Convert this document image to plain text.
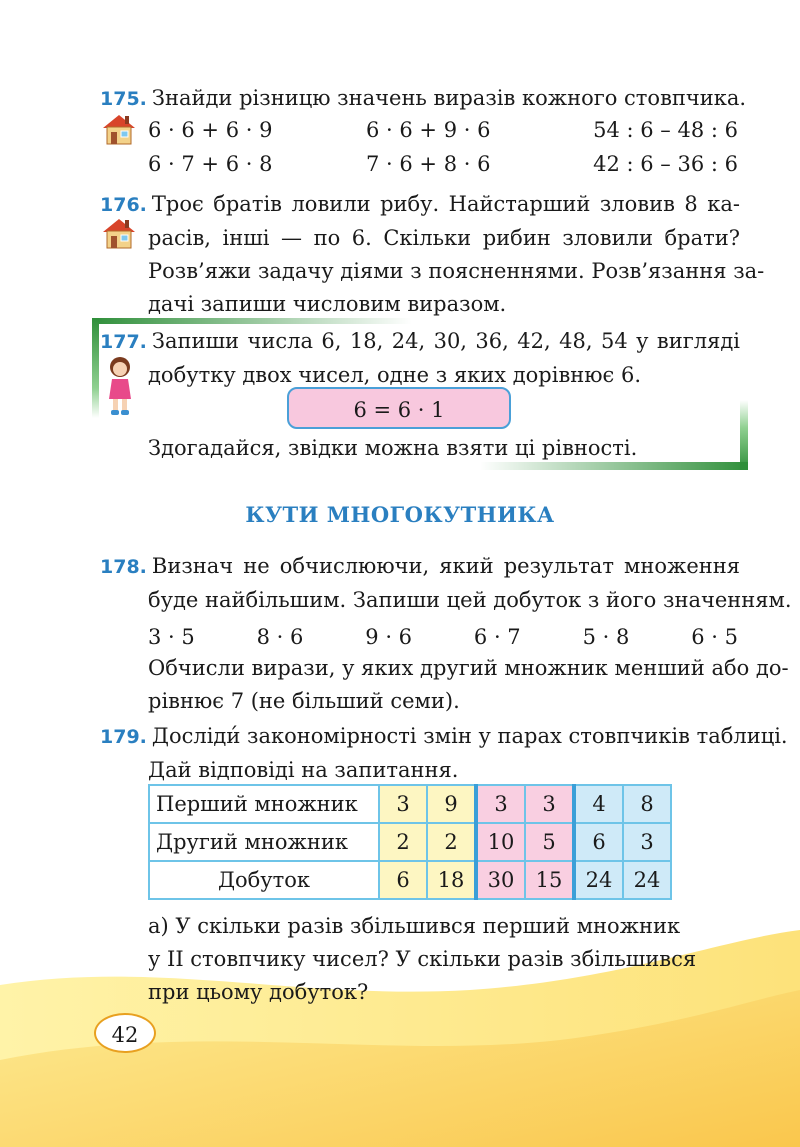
175. Знайди різницю значень виразів кожного стовпчика.
6 · 6 + 6 · 9	6 · 6 + 9 · 6	54 : 6 – 48 : 6
6 · 7 + 6 · 8	7 · 6 + 8 · 6	42 : 6 – 36 : 6
176. Троє братів ловили рибу. Найстарший зловив 8 ка-
расів, інші — по 6. Скільки рибин зловили брати?
Розв’яжи задачу діями з поясненнями. Розв’язання за-
дачі запиши числовим виразом.
177. Запиши числа 6, 18, 24, 30, 36, 42, 48, 54 у вигляді
добутку двох чисел, одне з яких дорівнює 6.
6 = 6 · 1
Здогадайся, звідки можна взяти ці рівності.
КУТИ МНОГОКУТНИКА
178. Визнач не обчислюючи, який результат множення
буде найбільшим. Запиши цей добуток з його значенням.
3 · 5	8 · 6	9 · 6	6 · 7	5 · 8	6 · 5
Обчисли вирази, у яких другий множник менший або до-
рівнює 7 (не більший семи).
179. Досліди́ закономірності змін у парах стовпчиків таблиці.
Дай відповіді на запитання.
Перший множник	3	9	3	3	4	8
Другий множник	2	2	10	5	6	3
Добуток	6	18	30	15	24	24
а) У скільки разів збільшився перший множник
у ІІ стовпчику чисел? У скільки разів збільшився
при цьому добуток?
42
